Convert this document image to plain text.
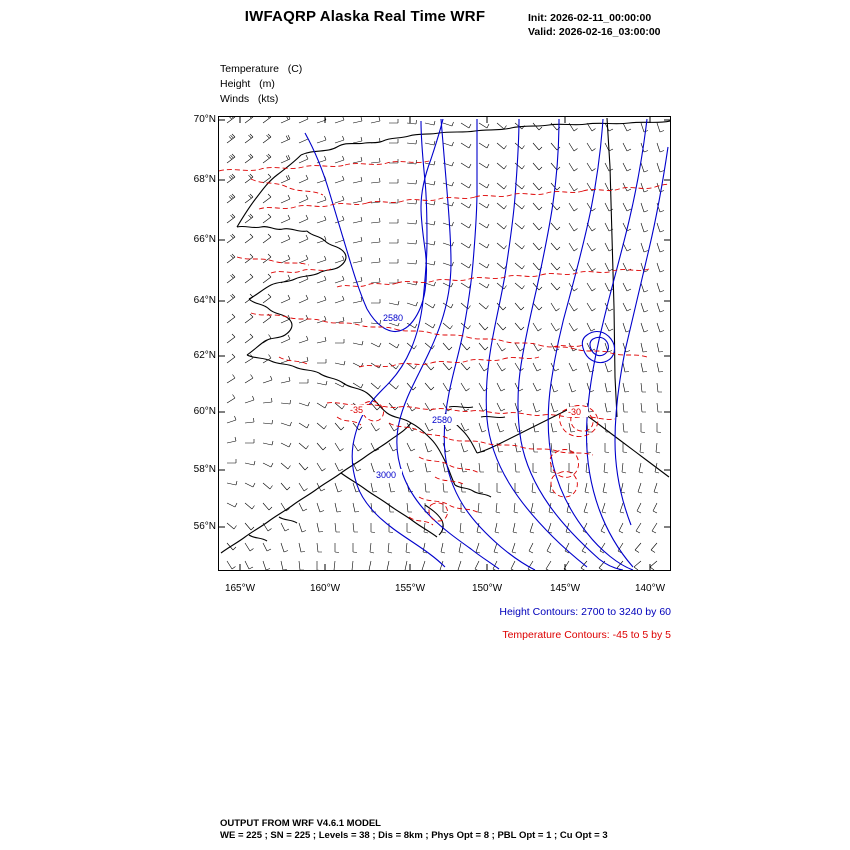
IWFAQRP Alaska Real Time WRF	Init: 2026-02-11_00:00:00
Valid: 2026-02-16_03:00:00
Temperature   (C)
Height   (m)
Winds   (kts)
70°N
68°N
66°N
64°N
62°N
60°N
58°N
56°N
2580
2580
3000
-35	-30
165°W	160°W	155°W	150°W	145°W	140°W
Height Contours: 2700 to 3240 by 60
Temperature Contours: -45 to 5 by 5
OUTPUT FROM WRF V4.6.1 MODEL
WE = 225 ; SN = 225 ; Levels = 38 ; Dis = 8km ; Phys Opt = 8 ; PBL Opt = 1 ; Cu Opt = 3
